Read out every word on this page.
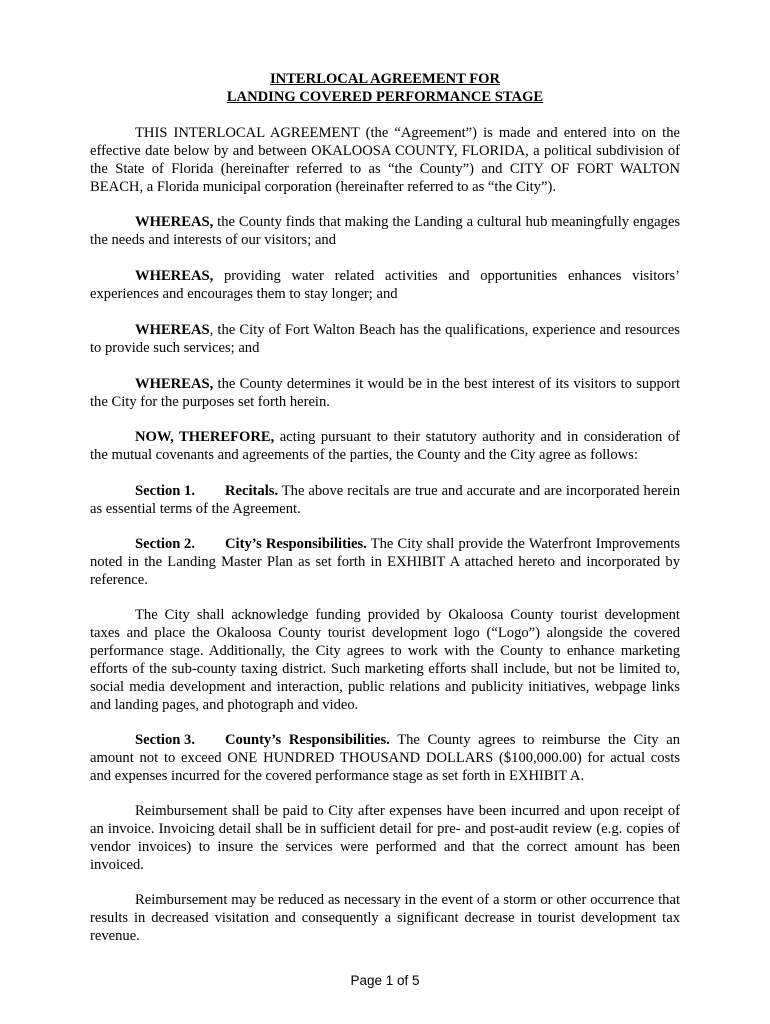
INTERLOCAL AGREEMENT FOR
LANDING COVERED PERFORMANCE STAGE

THIS INTERLOCAL AGREEMENT (the “Agreement”) is made and entered into on the effective date below by and between OKALOOSA COUNTY, FLORIDA, a political subdivision of the State of Florida (hereinafter referred to as “the County”) and CITY OF FORT WALTON BEACH, a Florida municipal corporation (hereinafter referred to as “the City”).

WHEREAS, the County finds that making the Landing a cultural hub meaningfully engages the needs and interests of our visitors; and

WHEREAS, providing water related activities and opportunities enhances visitors’ experiences and encourages them to stay longer; and

WHEREAS, the City of Fort Walton Beach has the qualifications, experience and resources to provide such services; and

WHEREAS, the County determines it would be in the best interest of its visitors to support the City for the purposes set forth herein.

NOW, THEREFORE, acting pursuant to their statutory authority and in consideration of the mutual covenants and agreements of the parties, the County and the City agree as follows:

Section 1. Recitals. The above recitals are true and accurate and are incorporated herein as essential terms of the Agreement.

Section 2. City’s Responsibilities. The City shall provide the Waterfront Improvements noted in the Landing Master Plan as set forth in EXHIBIT A attached hereto and incorporated by reference.

The City shall acknowledge funding provided by Okaloosa County tourist development taxes and place the Okaloosa County tourist development logo (“Logo”) alongside the covered performance stage. Additionally, the City agrees to work with the County to enhance marketing efforts of the sub-county taxing district. Such marketing efforts shall include, but not be limited to, social media development and interaction, public relations and publicity initiatives, webpage links and landing pages, and photograph and video.

Section 3. County’s Responsibilities. The County agrees to reimburse the City an amount not to exceed ONE HUNDRED THOUSAND DOLLARS ($100,000.00) for actual costs and expenses incurred for the covered performance stage as set forth in EXHIBIT A.

Reimbursement shall be paid to City after expenses have been incurred and upon receipt of an invoice. Invoicing detail shall be in sufficient detail for pre- and post-audit review (e.g. copies of vendor invoices) to insure the services were performed and that the correct amount has been invoiced.

Reimbursement may be reduced as necessary in the event of a storm or other occurrence that results in decreased visitation and consequently a significant decrease in tourist development tax revenue.

Page 1 of 5
